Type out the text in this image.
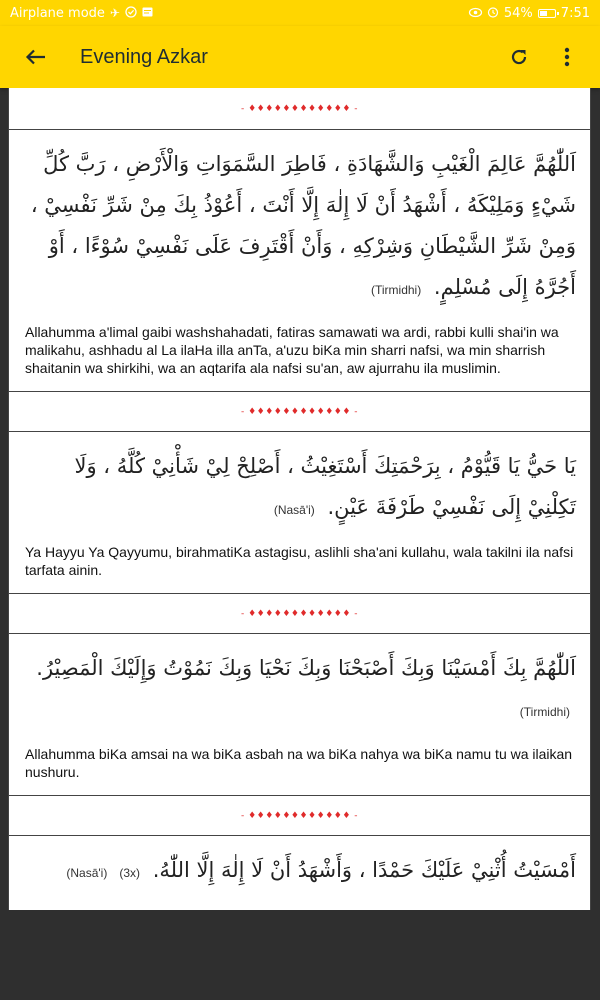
Airplane mode ✈	54% 7:51
Evening Azkar
- ♦♦♦♦♦♦♦♦♦♦♦♦ -
اَللّٰهُمَّ عَالِمَ الْغَيْبِ وَالشَّهَادَةِ ، فَاطِرَ السَّمَوَاتِ وَالْأَرْضِ ، رَبَّ كُلِّ شَيْءٍ وَمَلِيْكَهُ ، أَشْهَدُ أَنْ لَا إِلٰهَ إِلَّا أَنْتَ ، أَعُوْذُ بِكَ مِنْ شَرِّ نَفْسِيْ ، وَمِنْ شَرِّ الشَّيْطَانِ وَشِرْكِهِ ، وَأَنْ أَقْتَرِفَ عَلَى نَفْسِيْ سُوْءًا ، أَوْ أَجُرَّهُ إِلَى مُسْلِمٍ. (Tirmidhi)
Allahumma a'limal gaibi washshahadati, fatiras samawati wa ardi, rabbi kulli shai'in wa malikahu, ashhadu al La ilaHa illa anTa, a'uzu biKa min sharri nafsi, wa min sharrish shaitanin wa shirkihi, wa an aqtarifa ala nafsi su'an, aw ajurrahu ila muslimin.
- ♦♦♦♦♦♦♦♦♦♦♦♦ -
يَا حَيُّ يَا قَيُّوْمُ ، بِرَحْمَتِكَ أَسْتَغِيْثُ ، أَصْلِحْ لِيْ شَأْنِيْ كُلَّهُ ، وَلَا تَكِلْنِيْ إِلَى نَفْسِيْ طَرْفَةَ عَيْنٍ. (Nasā'i)
Ya Hayyu Ya Qayyumu, birahmatiKa astagisu, aslihli sha'ani kullahu, wala takilni ila nafsi tarfata ainin.
- ♦♦♦♦♦♦♦♦♦♦♦♦ -
اَللّٰهُمَّ بِكَ أَمْسَيْنَا وَبِكَ أَصْبَحْنَا وَبِكَ نَحْيَا وَبِكَ نَمُوْتُ وَإِلَيْكَ الْمَصِيْرُ. (Tirmidhi)
Allahumma biKa amsai na wa biKa asbah na wa biKa nahya wa biKa namu tu wa ilaikan nushuru.
- ♦♦♦♦♦♦♦♦♦♦♦♦ -
أَمْسَيْتُ أُثْنِيْ عَلَيْكَ حَمْدًا ، وَأَشْهَدُ أَنْ لَا إِلٰهَ إِلَّا اللّٰهُ. (3x)(Nasā'i)
